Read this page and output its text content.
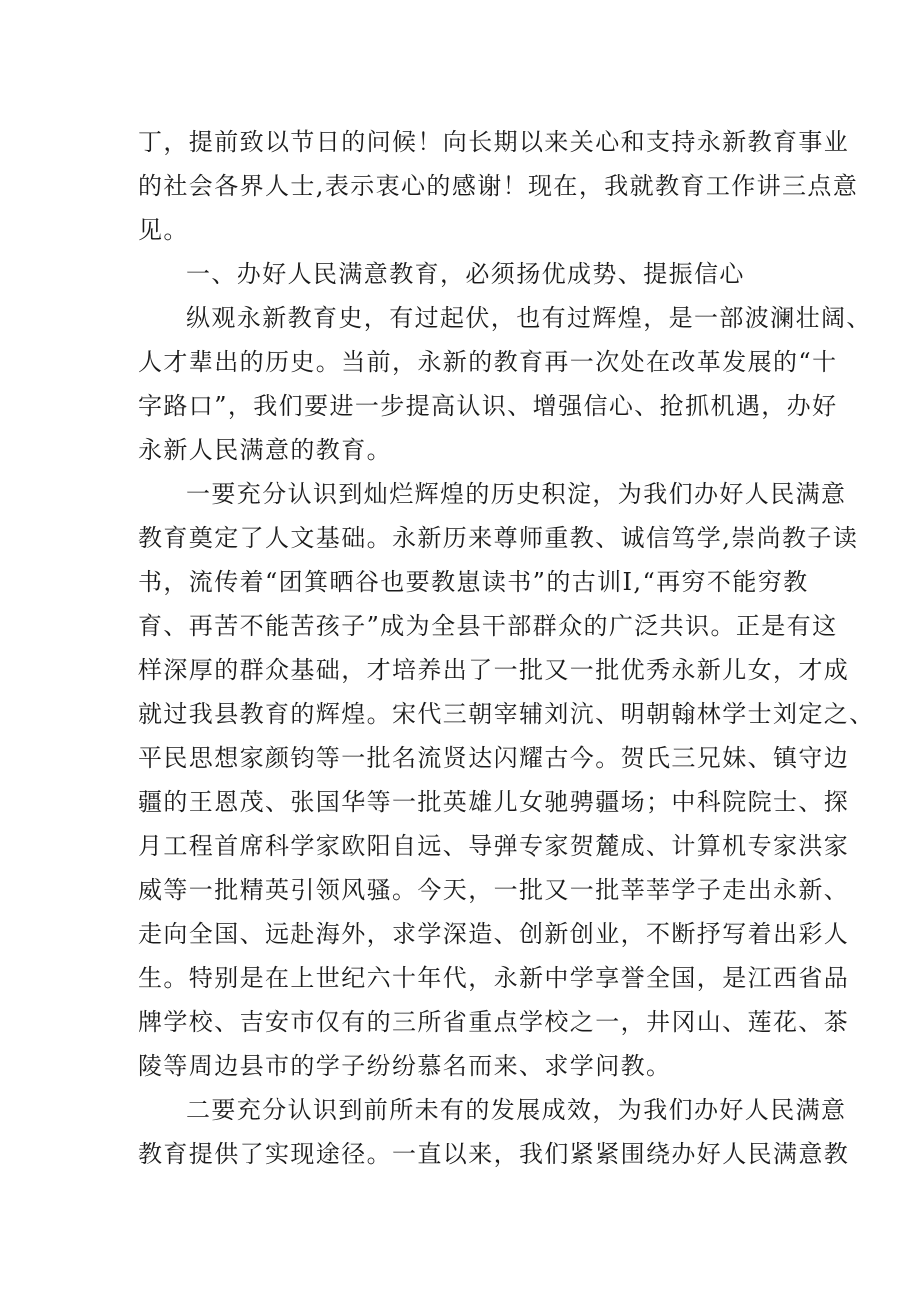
丁，提前致以节日的问候！向长期以来关心和支持永新教育事业
的社会各界人士,表示衷心的感谢！现在，我就教育工作讲三点意
见。
一、办好人民满意教育，必须扬优成势、提振信心
纵观永新教育史，有过起伏，也有过辉煌，是一部波澜壮阔、
人才辈出的历史。当前，永新的教育再一次处在改革发展的“十
字路口”，我们要进一步提高认识、增强信心、抢抓机遇，办好
永新人民满意的教育。
一要充分认识到灿烂辉煌的历史积淀，为我们办好人民满意
教育奠定了人文基础。永新历来尊师重教、诚信笃学,崇尚教子读
书，流传着“团箕晒谷也要教崽读书”的古训I,“再穷不能穷教
育、再苦不能苦孩子”成为全县干部群众的广泛共识。正是有这
样深厚的群众基础，才培养出了一批又一批优秀永新儿女，才成
就过我县教育的辉煌。宋代三朝宰辅刘沆、明朝翰林学士刘定之、
平民思想家颜钧等一批名流贤达闪耀古今。贺氏三兄妹、镇守边
疆的王恩茂、张国华等一批英雄儿女驰骋疆场；中科院院士、探
月工程首席科学家欧阳自远、导弹专家贺麓成、计算机专家洪家
威等一批精英引领风骚。今天，一批又一批莘莘学子走出永新、
走向全国、远赴海外，求学深造、创新创业，不断抒写着出彩人
生。特别是在上世纪六十年代，永新中学享誉全国，是江西省品
牌学校、吉安市仅有的三所省重点学校之一，井冈山、莲花、茶
陵等周边县市的学子纷纷慕名而来、求学问教。
二要充分认识到前所未有的发展成效，为我们办好人民满意
教育提供了实现途径。一直以来，我们紧紧围绕办好人民满意教
